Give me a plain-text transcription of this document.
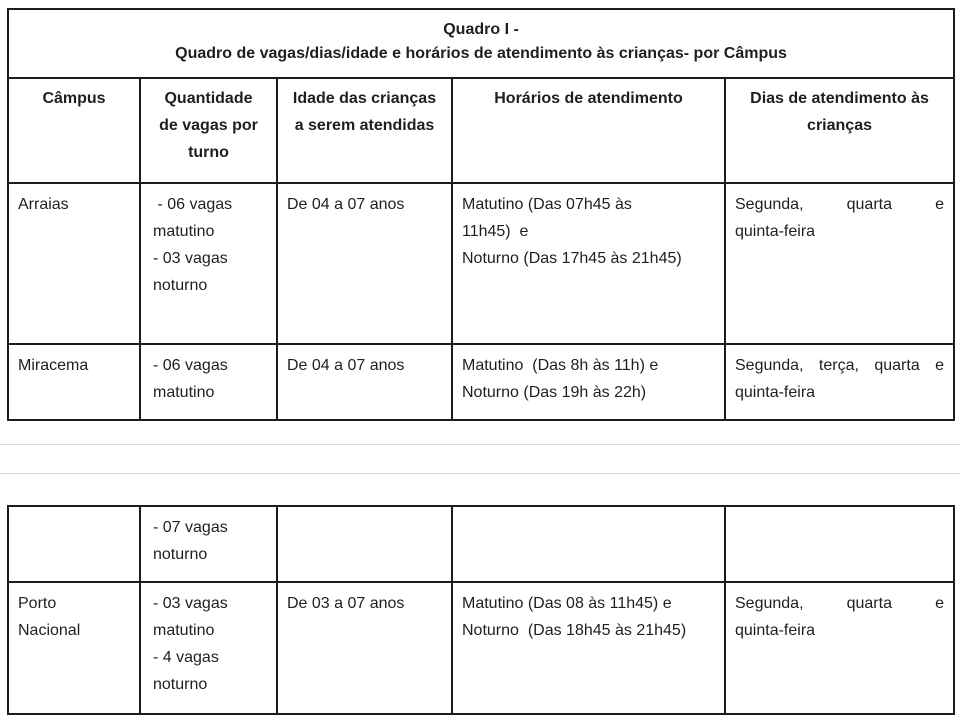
Quadro I -
Quadro de vagas/dias/idade e horários de atendimento às crianças- por Câmpus				

Câmpus	Quantidade
de vagas por
turno	Idade das crianças
a serem atendidas	Horários de atendimento	Dias de atendimento às
crianças

Arraias	- 06 vagas
matutino
- 03 vagas
noturno	De 04 a 07 anos	Matutino (Das 07h45 às
11h45)  e
Noturno (Das 17h45 às 21h45)	Segunda, quarta e
quinta-feira

Miracema	- 06 vagas
matutino	De 04 a 07 anos	Matutino  (Das 8h às 11h) e
Noturno (Das 19h às 22h)	Segunda, terça, quarta e
quinta-feira

	- 07 vagas
noturno			

Porto
Nacional	- 03 vagas
matutino
- 4 vagas
noturno	De 03 a 07 anos	Matutino (Das 08 às 11h45) e
Noturno  (Das 18h45 às 21h45)	Segunda, quarta e
quinta-feira
